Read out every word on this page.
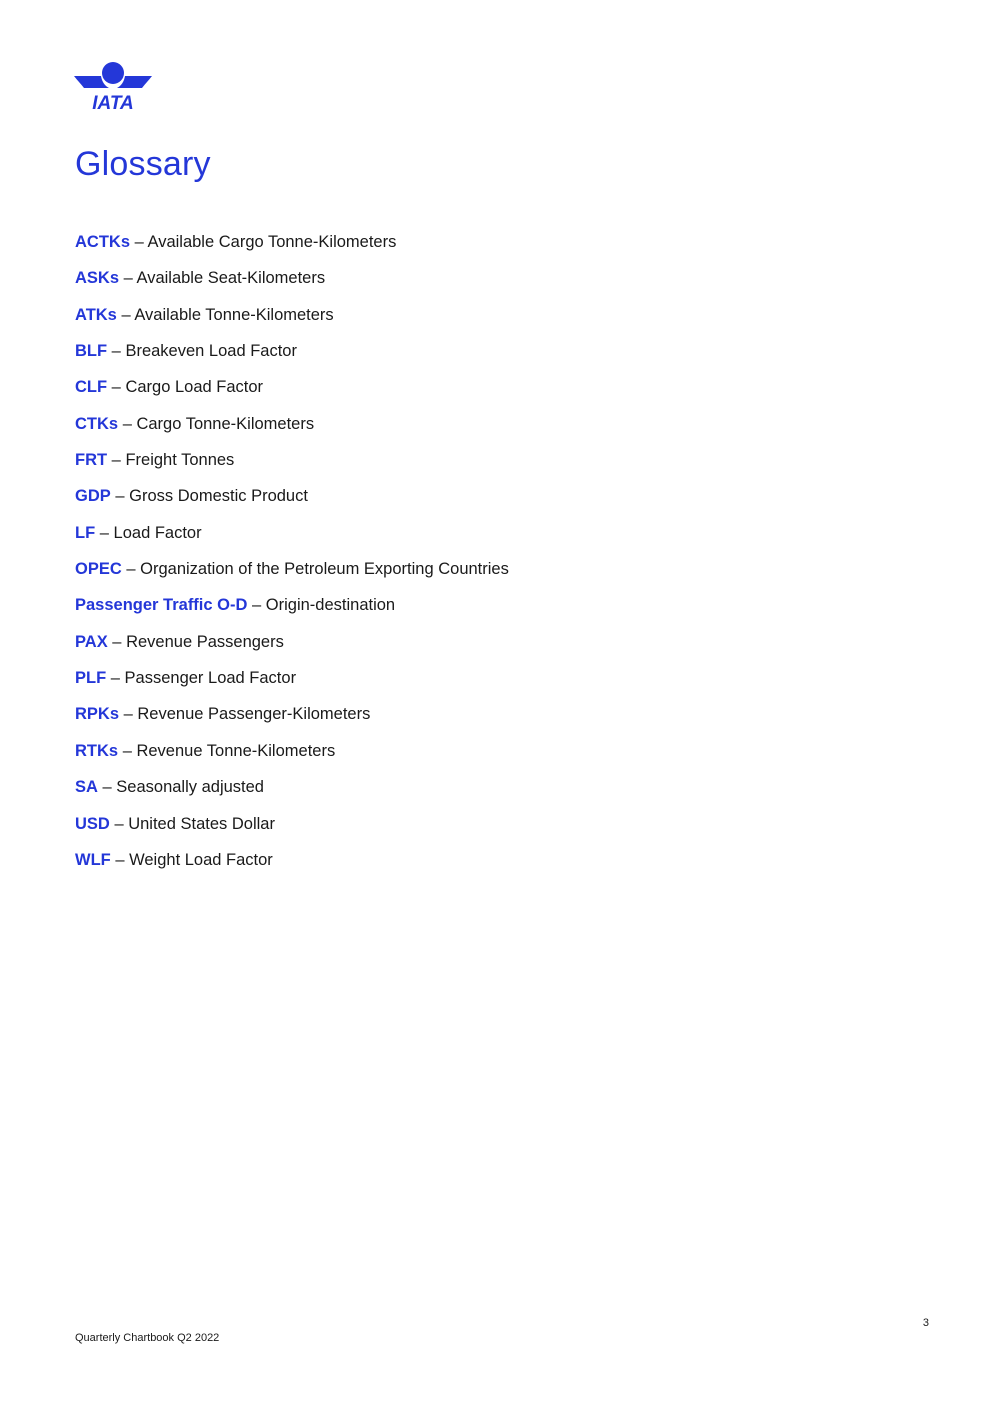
IATA
Glossary
ACTKs – Available Cargo Tonne-Kilometers
ASKs – Available Seat-Kilometers
ATKs – Available Tonne-Kilometers
BLF – Breakeven Load Factor
CLF – Cargo Load Factor
CTKs – Cargo Tonne-Kilometers
FRT – Freight Tonnes
GDP – Gross Domestic Product
LF – Load Factor
OPEC – Organization of the Petroleum Exporting Countries
Passenger Traffic O-D – Origin-destination
PAX – Revenue Passengers
PLF – Passenger Load Factor
RPKs – Revenue Passenger-Kilometers
RTKs – Revenue Tonne-Kilometers
SA – Seasonally adjusted
USD – United States Dollar
WLF – Weight Load Factor
3
Quarterly Chartbook Q2 2022
